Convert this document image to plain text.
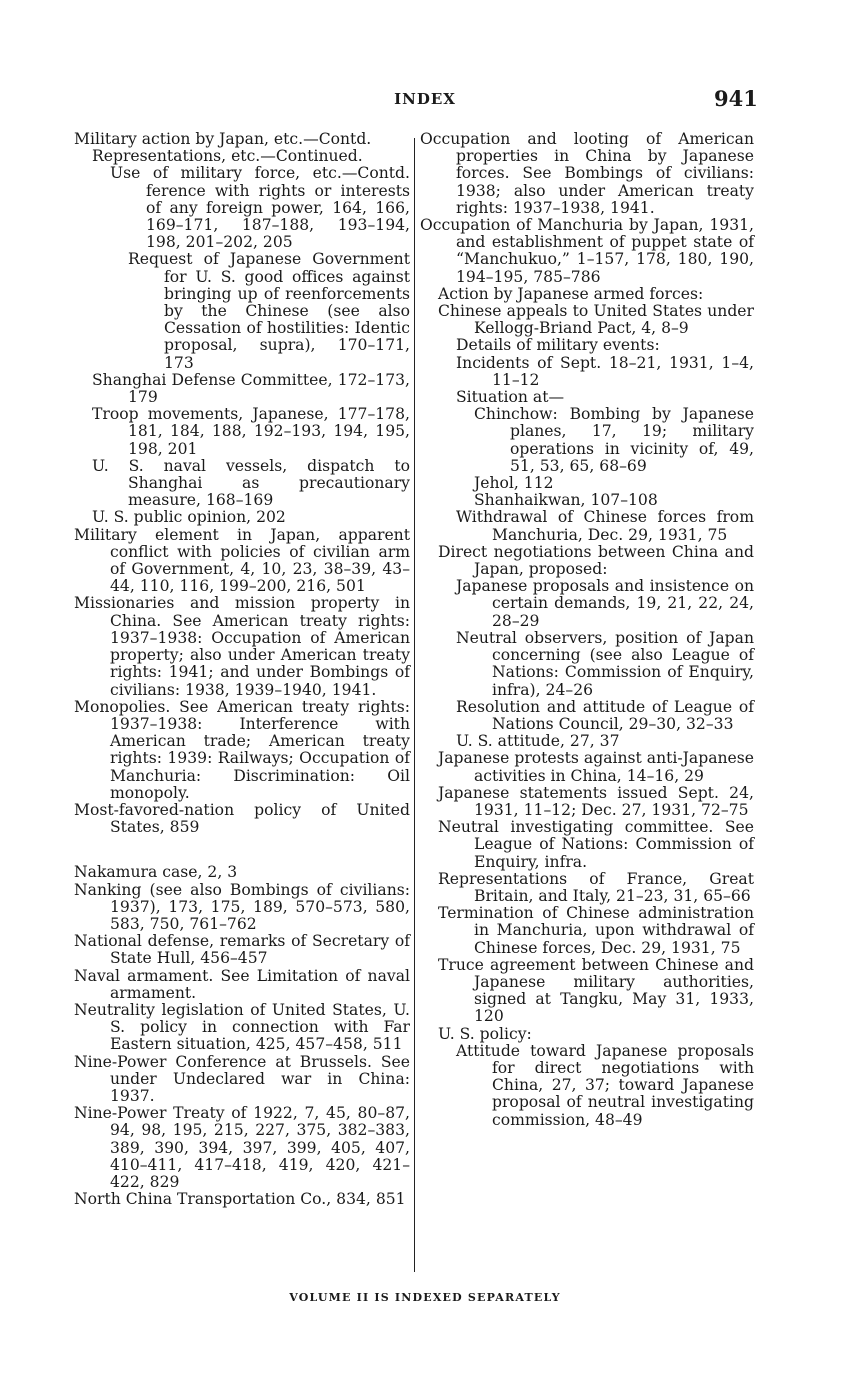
INDEX	941

Military action by Japan, etc.—Contd.

Representations, etc.—Continued.

Use of military force, etc.—Contd. ference with rights or interests of any foreign power, 164, 166, 169–171, 187–188, 193–194, 198, 201–202, 205

Request of Japanese Government for U. S. good offices against bringing up of reenforcements by the Chinese (see also Cessation of hostilities: Identic proposal, supra), 170–171, 173

Shanghai Defense Committee, 172–173, 179

Troop movements, Japanese, 177–178, 181, 184, 188, 192–193, 194, 195, 198, 201

U. S. naval vessels, dispatch to Shanghai as precautionary measure, 168–169

U. S. public opinion, 202

Military element in Japan, apparent conflict with policies of civilian arm of Government, 4, 10, 23, 38–39, 43–44, 110, 116, 199–200, 216, 501

Missionaries and mission property in China. See American treaty rights: 1937–1938: Occupation of American property; also under American treaty rights: 1941; and under Bombings of civilians: 1938, 1939–1940, 1941.

Monopolies. See American treaty rights: 1937–1938: Interference with American trade; American treaty rights: 1939: Railways; Occupation of Manchuria: Discrimination: Oil monopoly.

Most-favored-nation policy of United States, 859

Nakamura case, 2, 3

Nanking (see also Bombings of civilians: 1937), 173, 175, 189, 570–573, 580, 583, 750, 761–762

National defense, remarks of Secretary of State Hull, 456–457

Naval armament. See Limitation of naval armament.

Neutrality legislation of United States, U. S. policy in connection with Far Eastern situation, 425, 457–458, 511

Nine-Power Conference at Brussels. See under Undeclared war in China: 1937.

Nine-Power Treaty of 1922, 7, 45, 80–87, 94, 98, 195, 215, 227, 375, 382–383, 389, 390, 394, 397, 399, 405, 407, 410–411, 417–418, 419, 420, 421–422, 829

North China Transportation Co., 834, 851

Occupation and looting of American properties in China by Japanese forces. See Bombings of civilians: 1938; also under American treaty rights: 1937–1938, 1941.

Occupation of Manchuria by Japan, 1931, and establishment of puppet state of “Manchukuo,” 1–157, 178, 180, 190, 194–195, 785–786

Action by Japanese armed forces:

Chinese appeals to United States under Kellogg-Briand Pact, 4, 8–9

Details of military events:

Incidents of Sept. 18–21, 1931, 1–4, 11–12

Situation at—

Chinchow: Bombing by Japanese planes, 17, 19; military operations in vicinity of, 49, 51, 53, 65, 68–69

Jehol, 112

Shanhaikwan, 107–108

Withdrawal of Chinese forces from Manchuria, Dec. 29, 1931, 75

Direct negotiations between China and Japan, proposed:

Japanese proposals and insistence on certain demands, 19, 21, 22, 24, 28–29

Neutral observers, position of Japan concerning (see also League of Nations: Commission of Enquiry, infra), 24–26

Resolution and attitude of League of Nations Council, 29–30, 32–33

U. S. attitude, 27, 37

Japanese protests against anti-Japanese activities in China, 14–16, 29

Japanese statements issued Sept. 24, 1931, 11–12; Dec. 27, 1931, 72–75

Neutral investigating committee. See League of Nations: Commission of Enquiry, infra.

Representations of France, Great Britain, and Italy, 21–23, 31, 65–66

Termination of Chinese administration in Manchuria, upon withdrawal of Chinese forces, Dec. 29, 1931, 75

Truce agreement between Chinese and Japanese military authorities, signed at Tangku, May 31, 1933, 120

U. S. policy:

Attitude toward Japanese proposals for direct negotiations with China, 27, 37; toward Japanese proposal of neutral investigating commission, 48–49

VOLUME II IS INDEXED SEPARATELY
